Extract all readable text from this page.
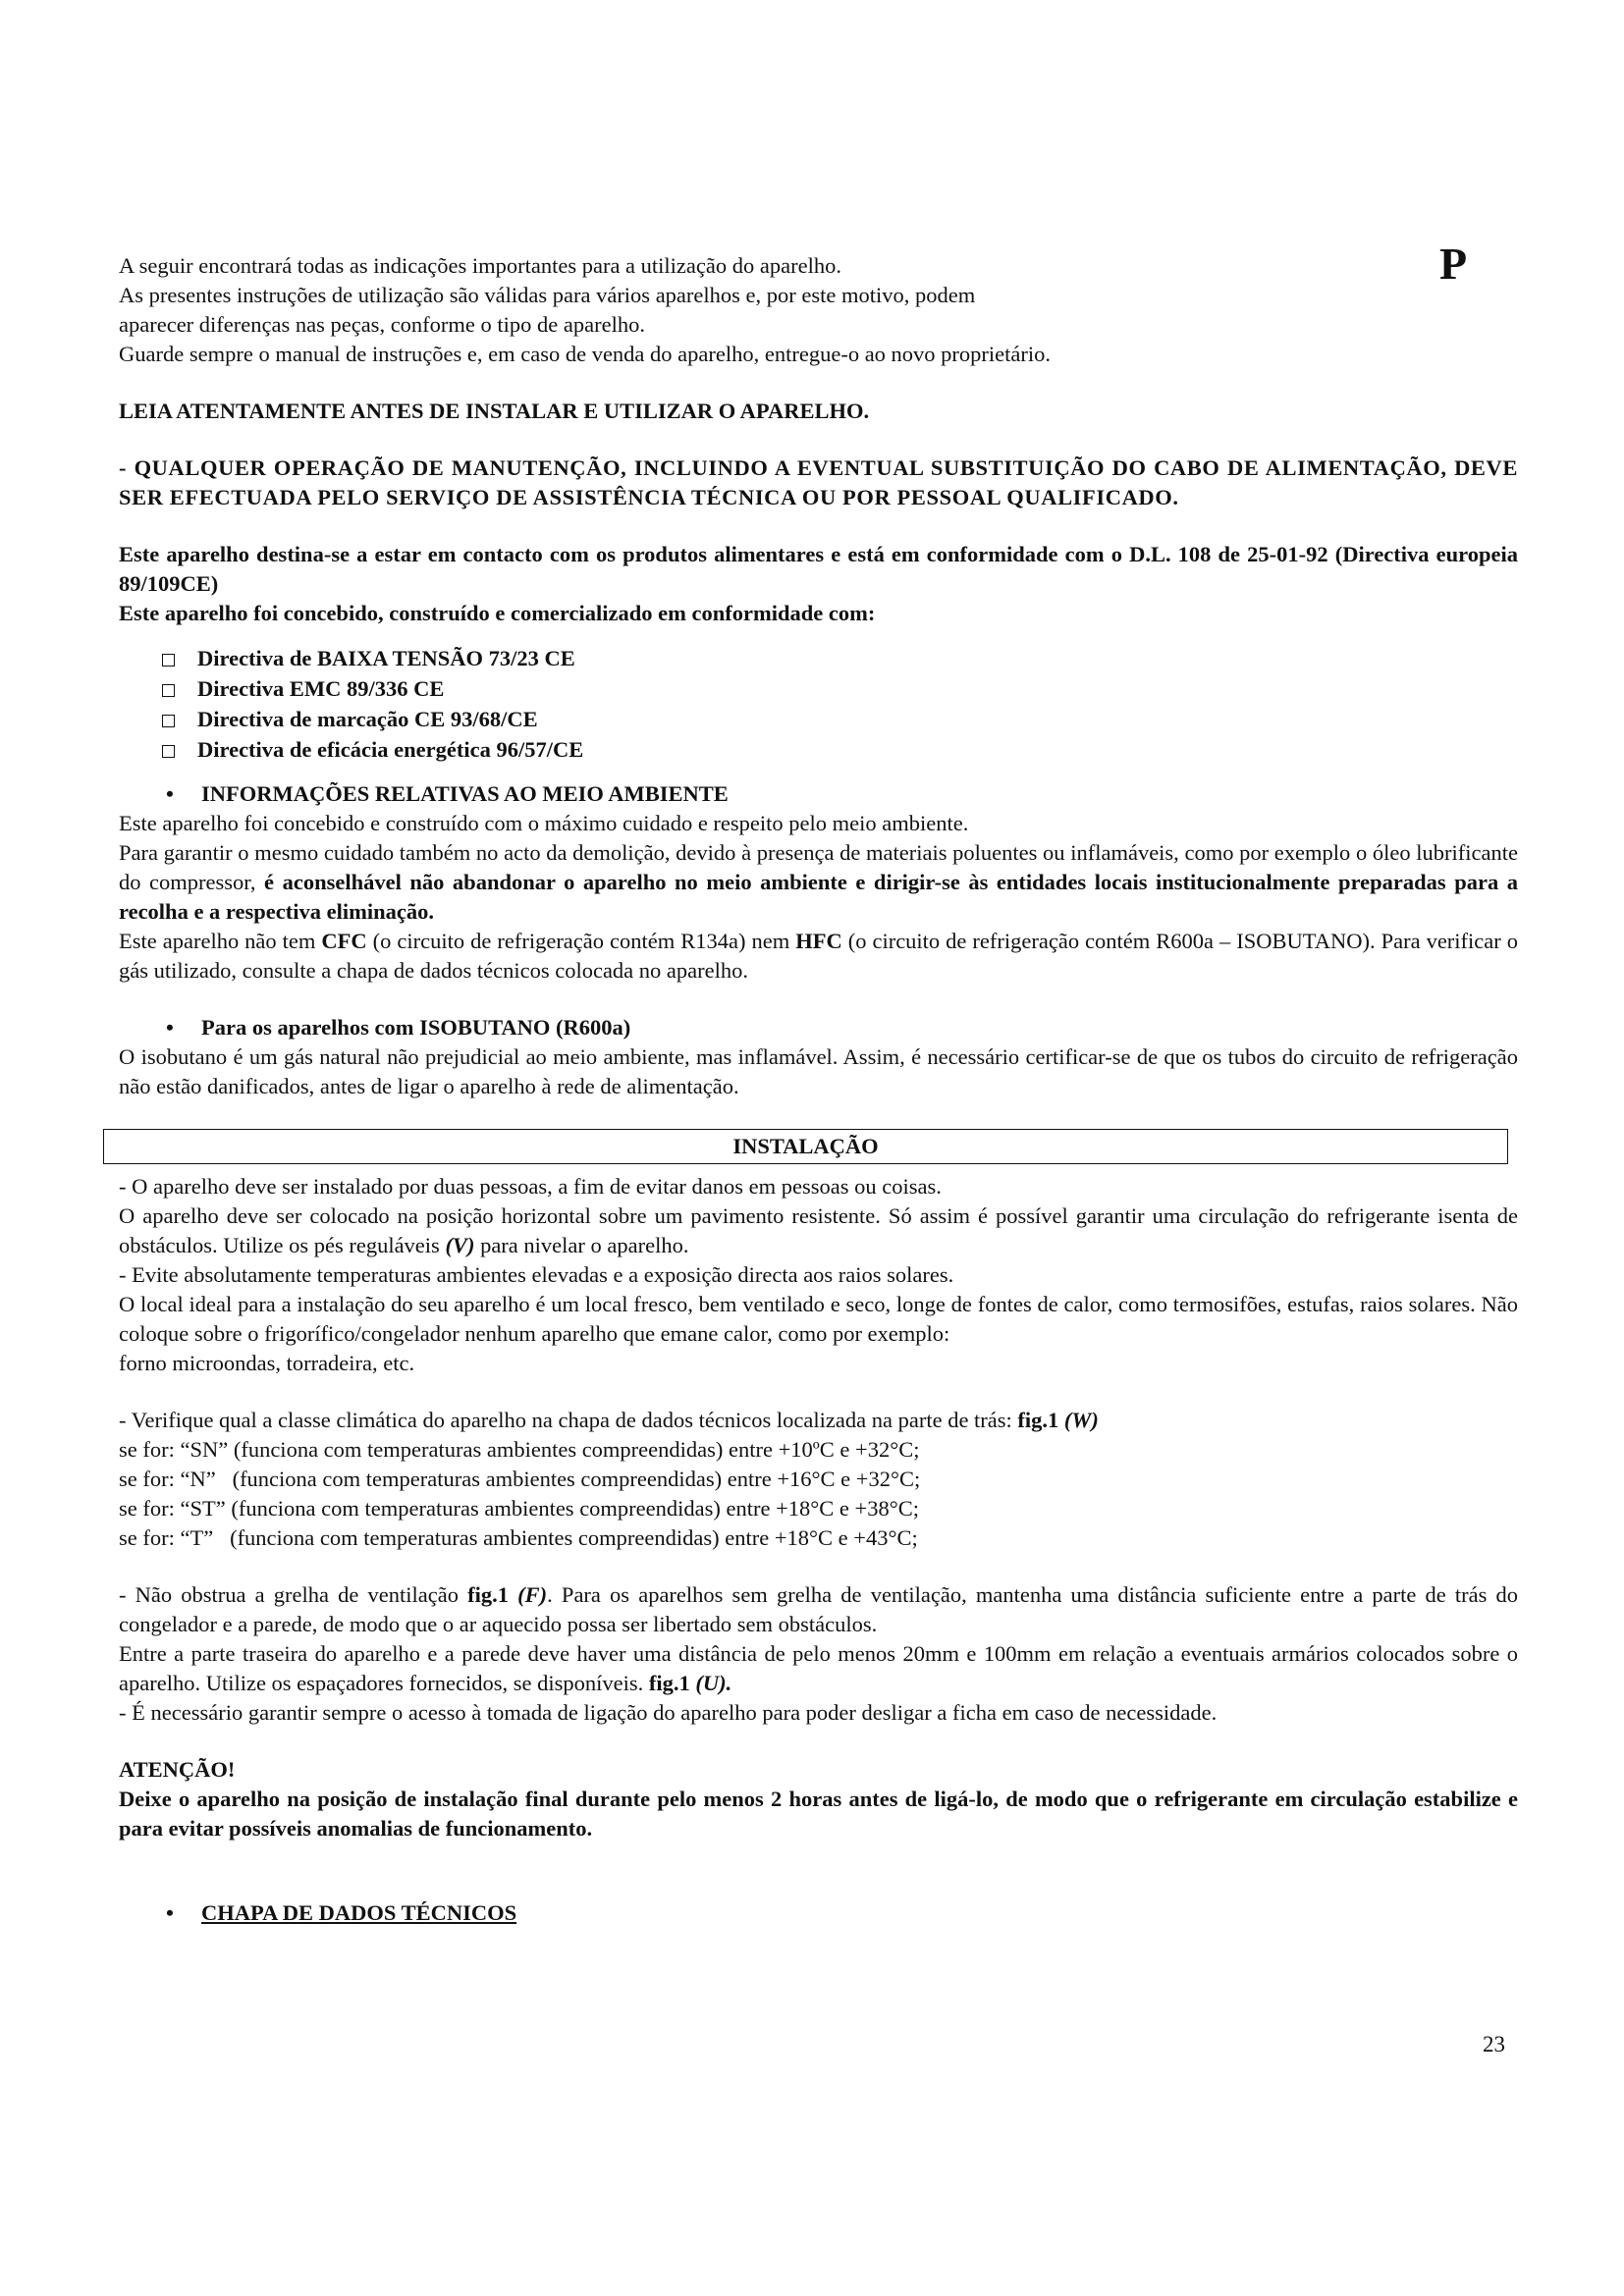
P

A seguir encontrará todas as indicações importantes para a utilização do aparelho.

As presentes instruções de utilização são válidas para vários aparelhos e, por este motivo, podem

aparecer diferenças nas peças, conforme o tipo de aparelho.

Guarde sempre o manual de instruções e, em caso de venda do aparelho, entregue-o ao novo proprietário.

LEIA ATENTAMENTE ANTES DE INSTALAR E UTILIZAR O APARELHO.

- QUALQUER OPERAÇÃO DE MANUTENÇÃO, INCLUINDO A EVENTUAL SUBSTITUIÇÃO DO CABO DE ALIMENTAÇÃO, DEVE SER EFECTUADA PELO SERVIÇO DE ASSISTÊNCIA TÉCNICA OU POR PESSOAL QUALIFICADO.

Este aparelho destina-se a estar em contacto com os produtos alimentares e está em conformidade com o D.L. 108 de 25-01-92 (Directiva europeia 89/109CE)

Este aparelho foi concebido, construído e comercializado em conformidade com:

Directiva de BAIXA TENSÃO 73/23 CE
Directiva EMC 89/336 CE
Directiva de marcação CE 93/68/CE
Directiva de eficácia energética 96/57/CE
•	INFORMAÇÕES RELATIVAS AO MEIO AMBIENTE

Este aparelho foi concebido e construído com o máximo cuidado e respeito pelo meio ambiente.

Para garantir o mesmo cuidado também no acto da demolição, devido à presença de materiais poluentes ou inflamáveis, como por exemplo o óleo lubrificante do compressor, é aconselhável não abandonar o aparelho no meio ambiente e dirigir-se às entidades locais institucionalmente preparadas para a recolha e a respectiva eliminação.

Este aparelho não tem CFC (o circuito de refrigeração contém R134a) nem HFC (o circuito de refrigeração contém R600a – ISOBUTANO). Para verificar o gás utilizado, consulte a chapa de dados técnicos colocada no aparelho.

•	Para os aparelhos com ISOBUTANO (R600a)

O isobutano é um gás natural não prejudicial ao meio ambiente, mas inflamável. Assim, é necessário certificar-se de que os tubos do circuito de refrigeração não estão danificados, antes de ligar o aparelho à rede de alimentação.

INSTALAÇÃO

- O aparelho deve ser instalado por duas pessoas, a fim de evitar danos em pessoas ou coisas.

O aparelho deve ser colocado na posição horizontal sobre um pavimento resistente. Só assim é possível garantir uma circulação do refrigerante isenta de obstáculos. Utilize os pés reguláveis (V) para nivelar o aparelho.

- Evite absolutamente temperaturas ambientes elevadas e a exposição directa aos raios solares.

O local ideal para a instalação do seu aparelho é um local fresco, bem ventilado e seco, longe de fontes de calor, como termosifões, estufas, raios solares. Não coloque sobre o frigorífico/congelador nenhum aparelho que emane calor, como por exemplo:

forno microondas, torradeira, etc.

- Verifique qual a classe climática do aparelho na chapa de dados técnicos localizada na parte de trás: fig.1 (W)

se for: “SN” (funciona com temperaturas ambientes compreendidas) entre +10ºC e +32°C;

se for: “N”   (funciona com temperaturas ambientes compreendidas) entre +16°C e +32°C;

se for: “ST” (funciona com temperaturas ambientes compreendidas) entre +18°C e +38°C;

se for: “T”   (funciona com temperaturas ambientes compreendidas) entre +18°C e +43°C;

- Não obstrua a grelha de ventilação fig.1 (F). Para os aparelhos sem grelha de ventilação, mantenha uma distância suficiente entre a parte de trás do congelador e a parede, de modo que o ar aquecido possa ser libertado sem obstáculos.

Entre a parte traseira do aparelho e a parede deve haver uma distância de pelo menos 20mm e 100mm em relação a eventuais armários colocados sobre o aparelho. Utilize os espaçadores fornecidos, se disponíveis. fig.1 (U).

- É necessário garantir sempre o acesso à tomada de ligação do aparelho para poder desligar a ficha em caso de necessidade.

ATENÇÃO!

Deixe o aparelho na posição de instalação final durante pelo menos 2 horas antes de ligá-lo, de modo que o refrigerante em circulação estabilize e para evitar possíveis anomalias de funcionamento.

•	CHAPA DE DADOS TÉCNICOS
23
